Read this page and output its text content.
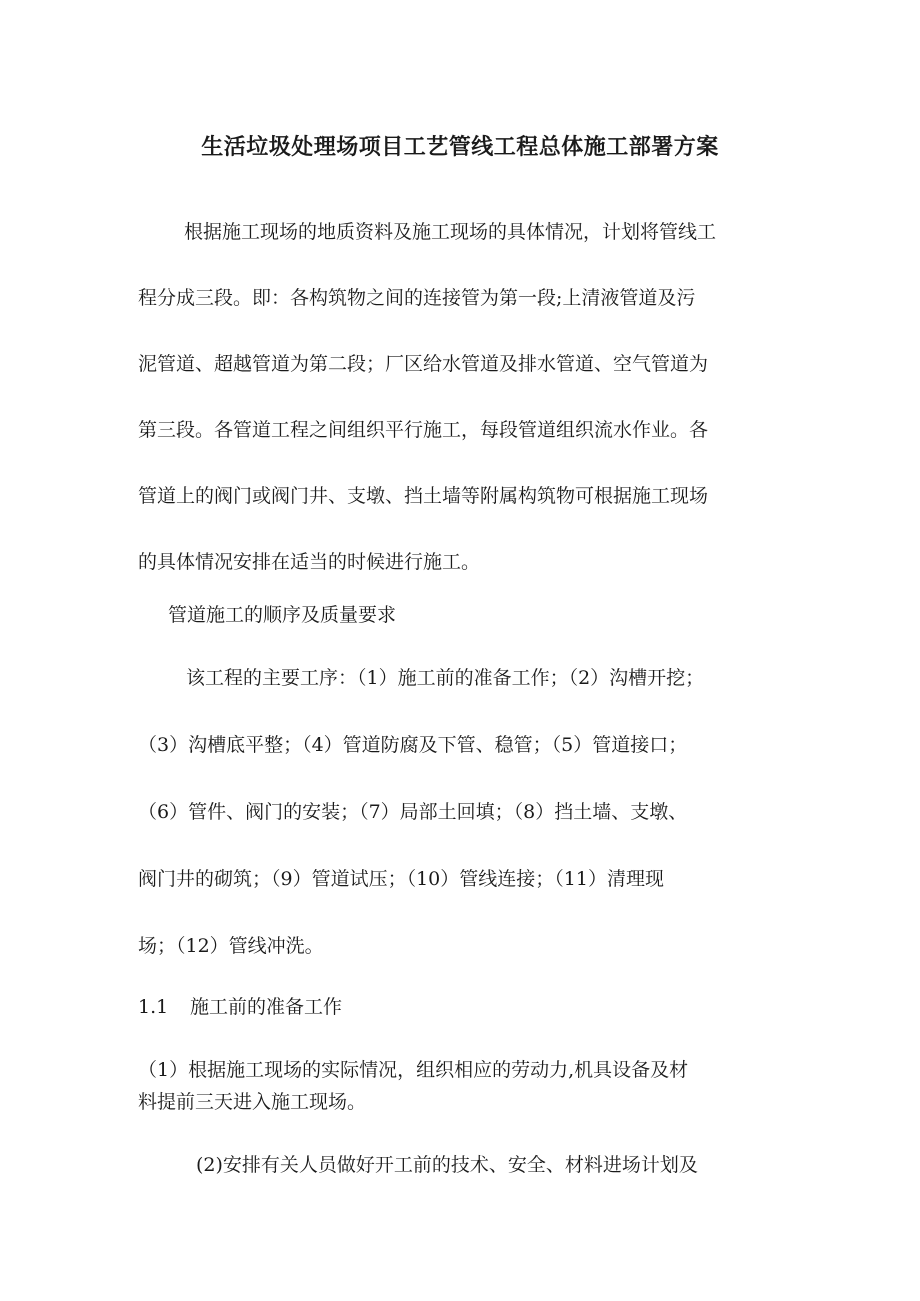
生活垃圾处理场项目工艺管线工程总体施工部署方案
根据施工现场的地质资料及施工现场的具体情况，计划将管线工
程分成三段。即：各构筑物之间的连接管为第一段;上清液管道及污
泥管道、超越管道为第二段；厂区给水管道及排水管道、空气管道为
第三段。各管道工程之间组织平行施工，每段管道组织流水作业。各
管道上的阀门或阀门井、支墩、挡土墙等附属构筑物可根据施工现场
的具体情况安排在适当的时候进行施工。
管道施工的顺序及质量要求
该工程的主要工序：（1）施工前的准备工作；（2）沟槽开挖；
（3）沟槽底平整；（4）管道防腐及下管、稳管；（5）管道接口；
（6）管件、阀门的安装；（7）局部土回填；（8）挡土墙、支墩、
阀门井的砌筑；（9）管道试压；（10）管线连接；（11）清理现
场；（12）管线冲洗。
1.1 施工前的准备工作
（1）根据施工现场的实际情况，组织相应的劳动力,机具设备及材
料提前三天进入施工现场。
(2)安排有关人员做好开工前的技术、安全、材料进场计划及
